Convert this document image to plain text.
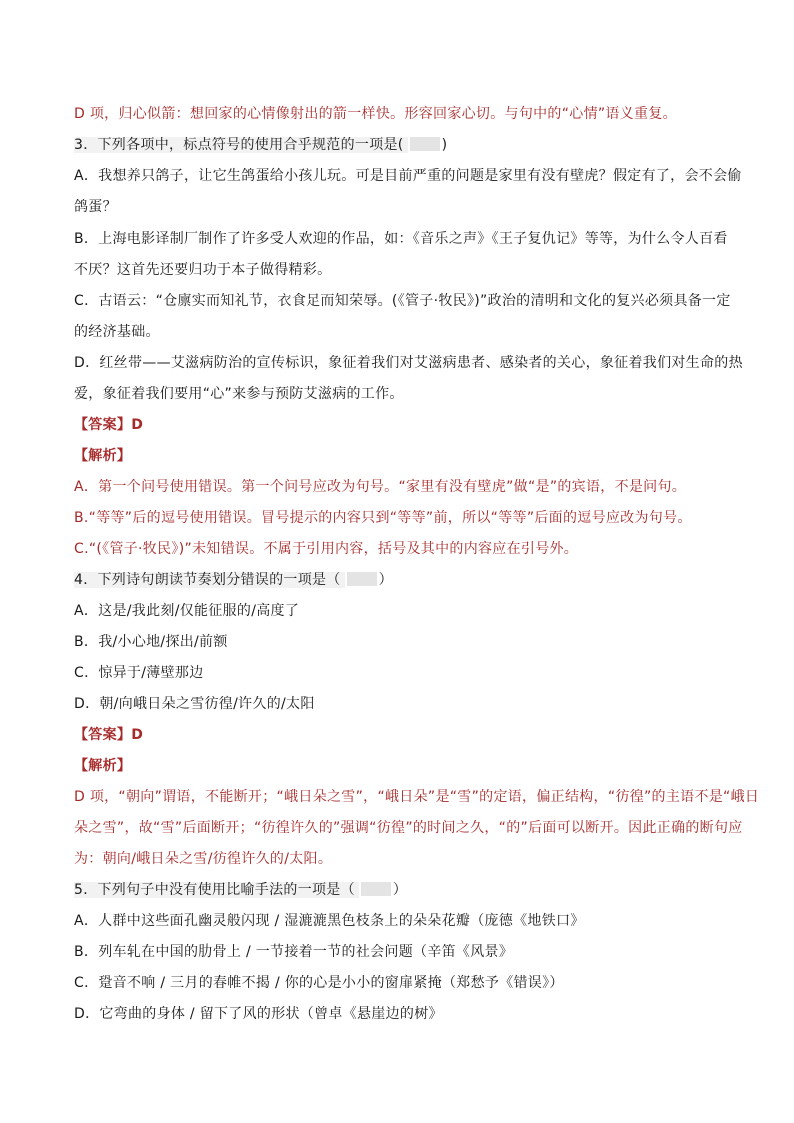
D 项，归心似箭：想回家的心情像射出的箭一样快。形容回家心切。与句中的“心情”语义重复。
3．下列各项中，标点符号的使用合乎规范的一项是(	)
A．我想养只鸽子，让它生鸽蛋给小孩儿玩。可是目前严重的问题是家里有没有壁虎？假定有了，会不会偷
鸽蛋？
B．上海电影译制厂制作了许多受人欢迎的作品，如：《音乐之声》《王子复仇记》等等，为什么令人百看
不厌？这首先还要归功于本子做得精彩。
C．古语云：“仓廪实而知礼节，衣食足而知荣辱。(《管子·牧民》)”政治的清明和文化的复兴必须具备一定
的经济基础。
D．红丝带——艾滋病防治的宣传标识，象征着我们对艾滋病患者、感染者的关心，象征着我们对生命的热
爱，象征着我们要用“心”来参与预防艾滋病的工作。
【答案】D
【解析】
A．第一个问号使用错误。第一个问号应改为句号。“家里有没有壁虎”做“是”的宾语，不是问句。
B.“等等”后的逗号使用错误。冒号提示的内容只到“等等”前，所以“等等”后面的逗号应改为句号。
C.“(《管子·牧民》)”未知错误。不属于引用内容，括号及其中的内容应在引号外。
4．下列诗句朗读节奏划分错误的一项是（	）
A．这是/我此刻/仅能征服的/高度了
B．我/小心地/探出/前额
C．惊异于/薄壁那边
D．朝/向峨日朵之雪彷徨/许久的/太阳
【答案】D
【解析】
D 项，“朝向”谓语，不能断开；“峨日朵之雪”，“峨日朵”是“雪”的定语，偏正结构，“彷徨”的主语不是“峨日
朵之雪”，故“雪”后面断开；“彷徨许久的”强调“彷徨”的时间之久，“的”后面可以断开。因此正确的断句应
为：朝向/峨日朵之雪/彷徨许久的/太阳。
5．下列句子中没有使用比喻手法的一项是（	）
A．人群中这些面孔幽灵般闪现 / 湿漉漉黑色枝条上的朵朵花瓣（庞德《地铁口》
B．列车轧在中国的肋骨上 / 一节接着一节的社会问题（辛笛《风景》
C．跫音不响 / 三月的春帷不揭 / 你的心是小小的窗扉紧掩（郑愁予《错误》）
D．它弯曲的身体 / 留下了风的形状（曾卓《悬崖边的树》
